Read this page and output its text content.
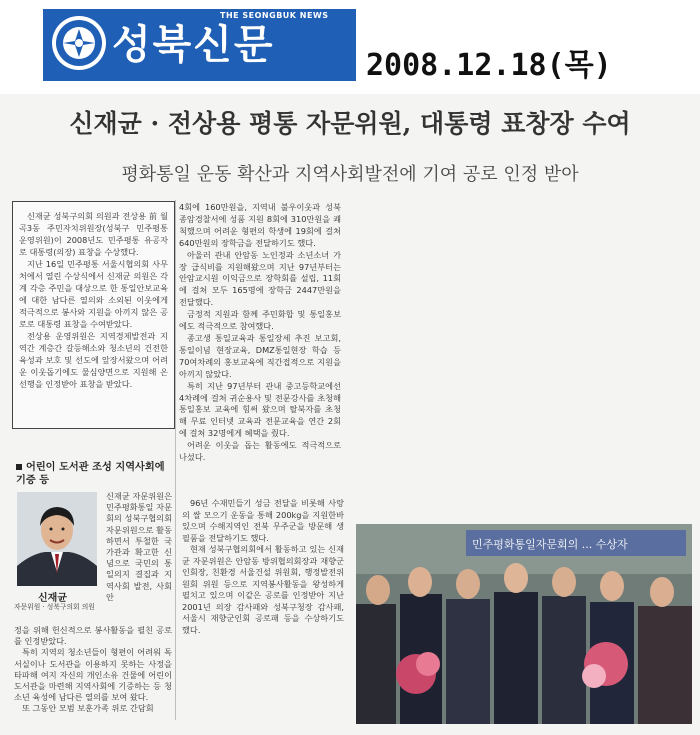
THE SEONGBUK NEWS
성북신문	2008.12.18(목)
신재균 · 전상용 평통 자문위원, 대통령 표창장 수여
평화통일 운동 확산과 지역사회발전에 기여 공로 인정 받아
신재균 성북구의회 의원과 전상용 前 월곡3동 주민자치위원장(성북구 민주평통 운영위원)이 2008년도 민주평통 유공자로 대통령(의장) 표창을 수상했다.
지난 16일 민주평통 서울시협의회 사무처에서 열린 수상식에서 신재균 의원은 각계 각층 주민을 대상으로 한 통일안보교육에 대한 남다른 열의와 소외된 이웃에게 적극적으로 봉사와 지원을 아끼지 않은 공로로 대통령 표창을 수여받았다.
전상용 운영위원은 지역경제발전과 지역간 계층간 갈등해소와 청소년의 건전한 육성과 보호 및 선도에 앞장서왔으며 어려운 이웃돕기에도 물심양면으로 지원해 온 선행을 인정받아 표창을 받았다.
어린이 도서관 조성 지역사회에 기증 등
신재균
자문위원 · 성북구의회 의원
신재균 자문위원은 민주평화통일 자문회의 성북구협의회 자문위원으로 활동하면서 투철한 국가관과 확고한 신념으로 국민의 통일의지 결집과 지역사회 발전, 사회안
정을 위해 헌신적으로 봉사활동을 펼친 공로를 인정받았다.
특히 지역의 청소년들이 형편이 어려워 독서실이나 도서관을 이용하지 못하는 사정을 타파해 여지 자신의 개인소유 건물에 어린이 도서관을 마련해 지역사회에 기증하는 등 청소년 육성에 남다른 열의를 보여 왔다.
또 그동안 모범 보훈가족 위로 간담회
4회에 160만원을, 지역내 불우이웃과 성북 종암경찰서에 성품 지원 8회에 310만원을 쾌척했으며 어려운 형편의 학생에 19회에 걸쳐 640만원의 장학금을 전달하기도 했다.
아울러 관내 안암동 노인정과 소년소녀 가장 급식비를 지원해왔으며 지난 97년부터는 안암교시원 이익금으로 장학회를 설립, 11회에 걸쳐 모두 165명에 장학금 2447만원을 전달했다.
금정적 지원과 함께 주민화합 및 통일홍보에도 적극적으로 참여했다.
종고생 통일교육과 통일장세 추진 보고회, 통일이념 현장교육, DMZ통일현장 학습 등 70여차례의 홍보교육에 직간접적으로 지원을 아끼지 않았다.
특히 지난 97년부터 관내 중고등학교에선 4차례에 걸쳐 귀순용사 및 전문강사를 초청해 통일홍보 교육에 힘써 왔으며 탈북자를 초청해 무료 인터넷 교육과 전문교육을 연간 2회에 걸쳐 32명에게 혜택을 줬다.
어려운 이웃을 돕는 활동에도 적극적으로 나섰다.
96년 수재민들기 성금 전달을 비롯해 사랑의 쌀 모으기 운동을 통해 200kg을 지원한바 있으며 수해지역인 전북 무주군을 방문해 생필품을 전달하기도 했다.
현재 성북구협의회에서 활동하고 있는 신재균 자문위원은 안암동 방위협의회장과 재향군인회장, 친환경 서울건설 위원회, 행정발전위원회 위원 등으로 지역봉사활동을 왕성하게 펼치고 있으며 이같은 공로를 인정받아 지난 2001년 의장 감사패와 성북구청장 감사패, 서울시 재향군인회 공로패 등을 수상하기도 했다.
민주평화통일자문회의 ... 수상자
